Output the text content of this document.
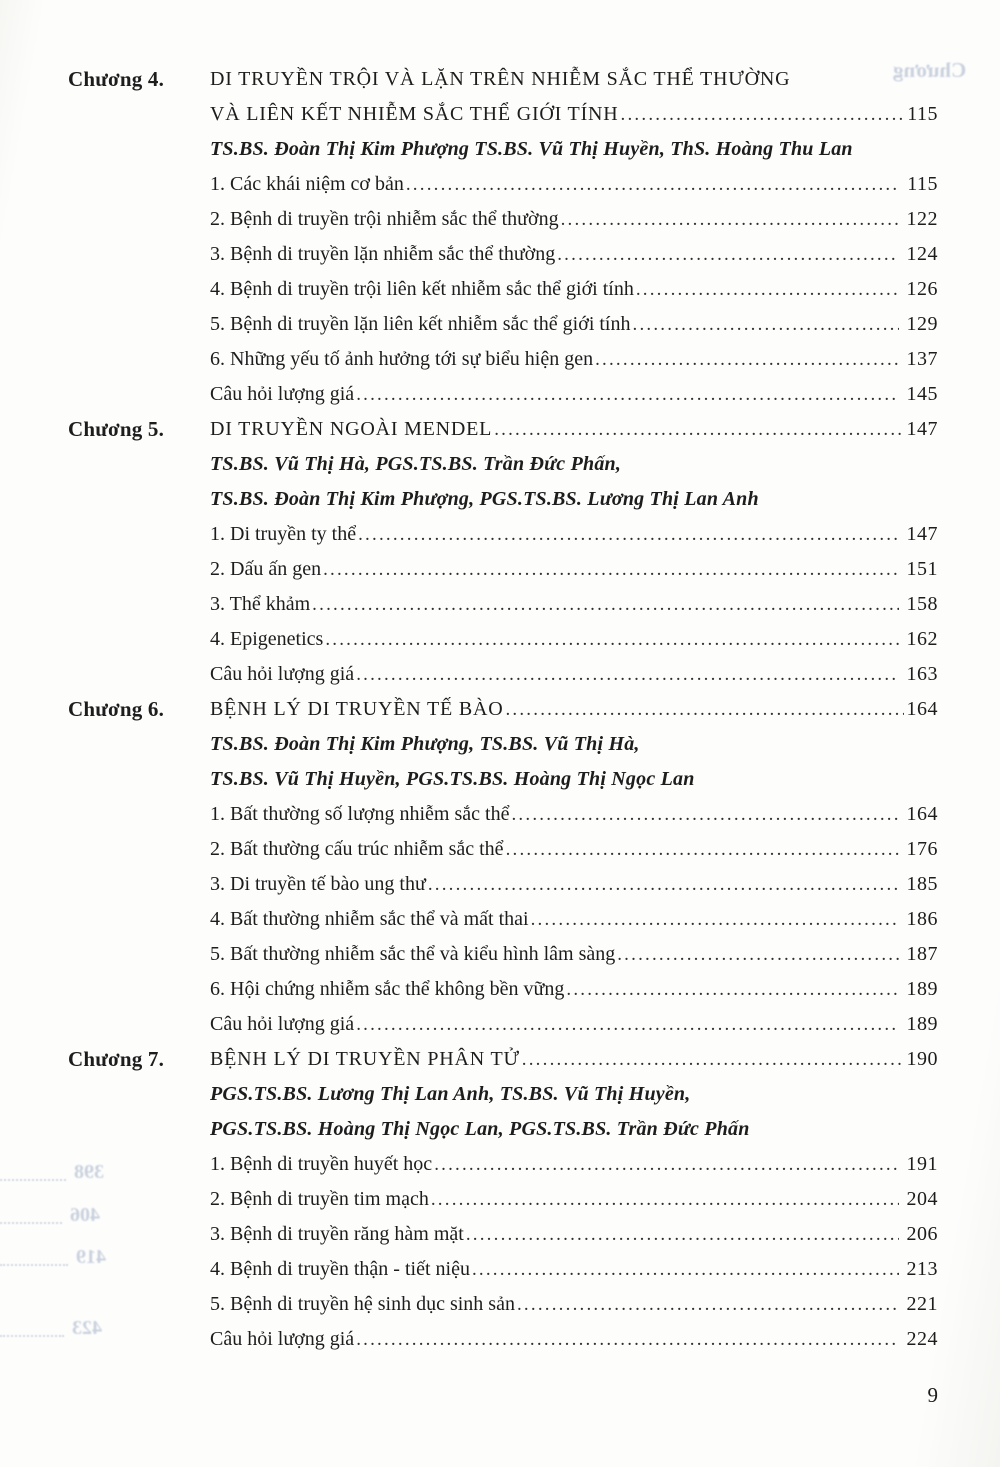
Chương
398
406
419
423
Chương 4. DI TRUYỀN TRỘI VÀ LẶN TRÊN NHIỄM SẮC THỂ THƯỜNG
VÀ LIÊN KẾT NHIỄM SẮC THỂ GIỚI TÍNH .....	115
TS.BS. Đoàn Thị Kim Phượng TS.BS. Vũ Thị Huyền, ThS. Hoàng Thu Lan
1. Các khái niệm cơ bản .....	115
2. Bệnh di truyền trội nhiễm sắc thể thường .....	122
3. Bệnh di truyền lặn nhiễm sắc thể thường .....	124
4. Bệnh di truyền trội liên kết nhiễm sắc thể giới tính .....	126
5. Bệnh di truyền lặn liên kết nhiễm sắc thể giới tính .....	129
6. Những yếu tố ảnh hưởng tới sự biểu hiện gen .....	137
Câu hỏi lượng giá .....	145
Chương 5. DI TRUYỀN NGOÀI MENDEL .....	147
TS.BS. Vũ Thị Hà, PGS.TS.BS. Trần Đức Phấn,
TS.BS. Đoàn Thị Kim Phượng, PGS.TS.BS. Lương Thị Lan Anh
1. Di truyền ty thể .....	147
2. Dấu ấn gen .....	151
3. Thể khảm .....	158
4. Epigenetics .....	162
Câu hỏi lượng giá .....	163
Chương 6. BỆNH LÝ DI TRUYỀN TẾ BÀO .....	164
TS.BS. Đoàn Thị Kim Phượng, TS.BS. Vũ Thị Hà,
TS.BS. Vũ Thị Huyền, PGS.TS.BS. Hoàng Thị Ngọc Lan
1. Bất thường số lượng nhiễm sắc thể .....	164
2. Bất thường cấu trúc nhiễm sắc thể .....	176
3. Di truyền tế bào ung thư .....	185
4. Bất thường nhiễm sắc thể và mất thai .....	186
5. Bất thường nhiễm sắc thể và kiểu hình lâm sàng .....	187
6. Hội chứng nhiễm sắc thể không bền vững .....	189
Câu hỏi lượng giá .....	189
Chương 7. BỆNH LÝ DI TRUYỀN PHÂN TỬ .....	190
PGS.TS.BS. Lương Thị Lan Anh, TS.BS. Vũ Thị Huyền,
PGS.TS.BS. Hoàng Thị Ngọc Lan, PGS.TS.BS. Trần Đức Phấn
1. Bệnh di truyền huyết học .....	191
2. Bệnh di truyền tim mạch .....	204
3. Bệnh di truyền răng hàm mặt .....	206
4. Bệnh di truyền thận - tiết niệu .....	213
5. Bệnh di truyền hệ sinh dục sinh sản .....	221
Câu hỏi lượng giá .....	224
9
